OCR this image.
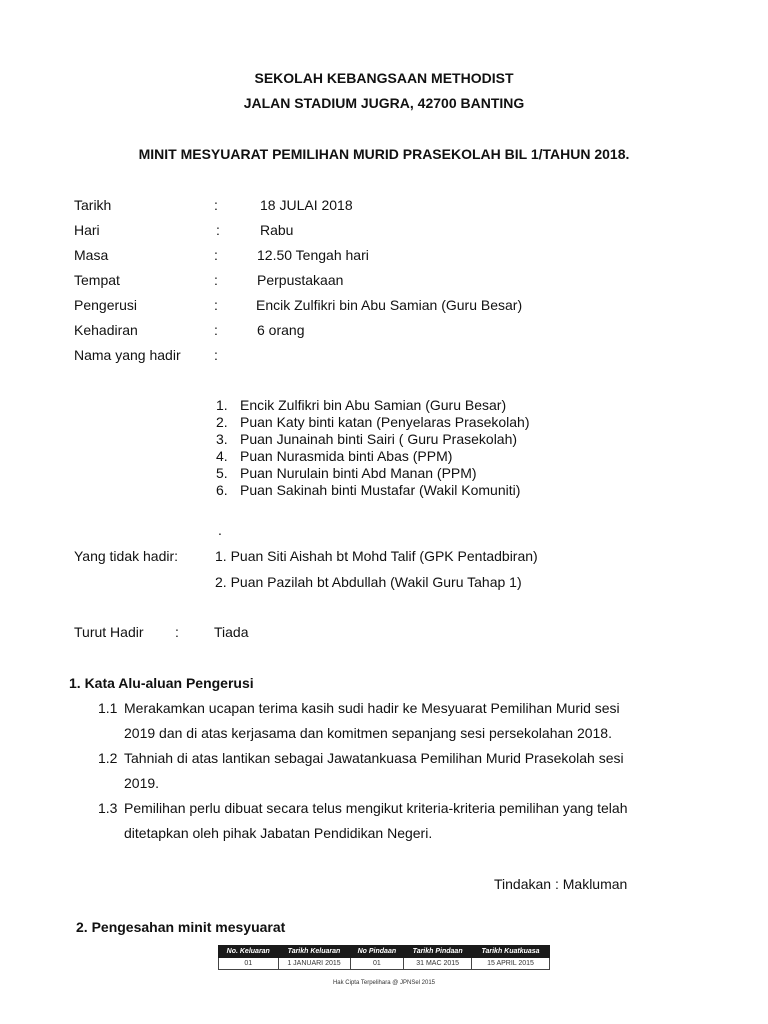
SEKOLAH KEBANGSAAN METHODIST
JALAN STADIUM JUGRA, 42700 BANTING
MINIT MESYUARAT PEMILIHAN MURID PRASEKOLAH BIL 1/TAHUN 2018.
Tarikh	:	18 JULAI 2018
Hari	:	Rabu
Masa	:	12.50 Tengah hari
Tempat	:	Perpustakaan
Pengerusi	:	Encik Zulfikri bin Abu Samian (Guru Besar)
Kehadiran	:	6 orang
Nama yang hadir :
1. Encik Zulfikri bin Abu Samian (Guru Besar)
2. Puan Katy binti katan (Penyelaras Prasekolah)
3. Puan Junainah binti Sairi ( Guru Prasekolah)
4. Puan Nurasmida binti Abas (PPM)
5. Puan Nurulain binti Abd Manan (PPM)
6. Puan Sakinah binti Mustafar (Wakil Komuniti)
.
Yang tidak hadir:	1. Puan Siti Aishah bt Mohd Talif (GPK Pentadbiran)
2. Puan Pazilah bt Abdullah (Wakil Guru Tahap 1)
Turut Hadir :	Tiada
1. Kata Alu-aluan Pengerusi
1.1 Merakamkan ucapan terima kasih sudi hadir ke Mesyuarat Pemilihan Murid sesi
2019 dan di atas kerjasama dan komitmen sepanjang sesi persekolahan 2018.
1.2 Tahniah di atas lantikan sebagai Jawatankuasa Pemilihan Murid Prasekolah sesi
2019.
1.3 Pemilihan perlu dibuat secara telus mengikut kriteria-kriteria pemilihan yang telah
ditetapkan oleh pihak Jabatan Pendidikan Negeri.
Tindakan : Makluman
2. Pengesahan minit mesyuarat
No. Keluaran	Tarikh Keluaran	No Pindaan	Tarikh Pindaan	Tarikh Kuatkuasa
01	1 JANUARI 2015	01	31 MAC 2015	15 APRIL 2015
Hak Cipta Terpelihara @ JPNSel 2015
